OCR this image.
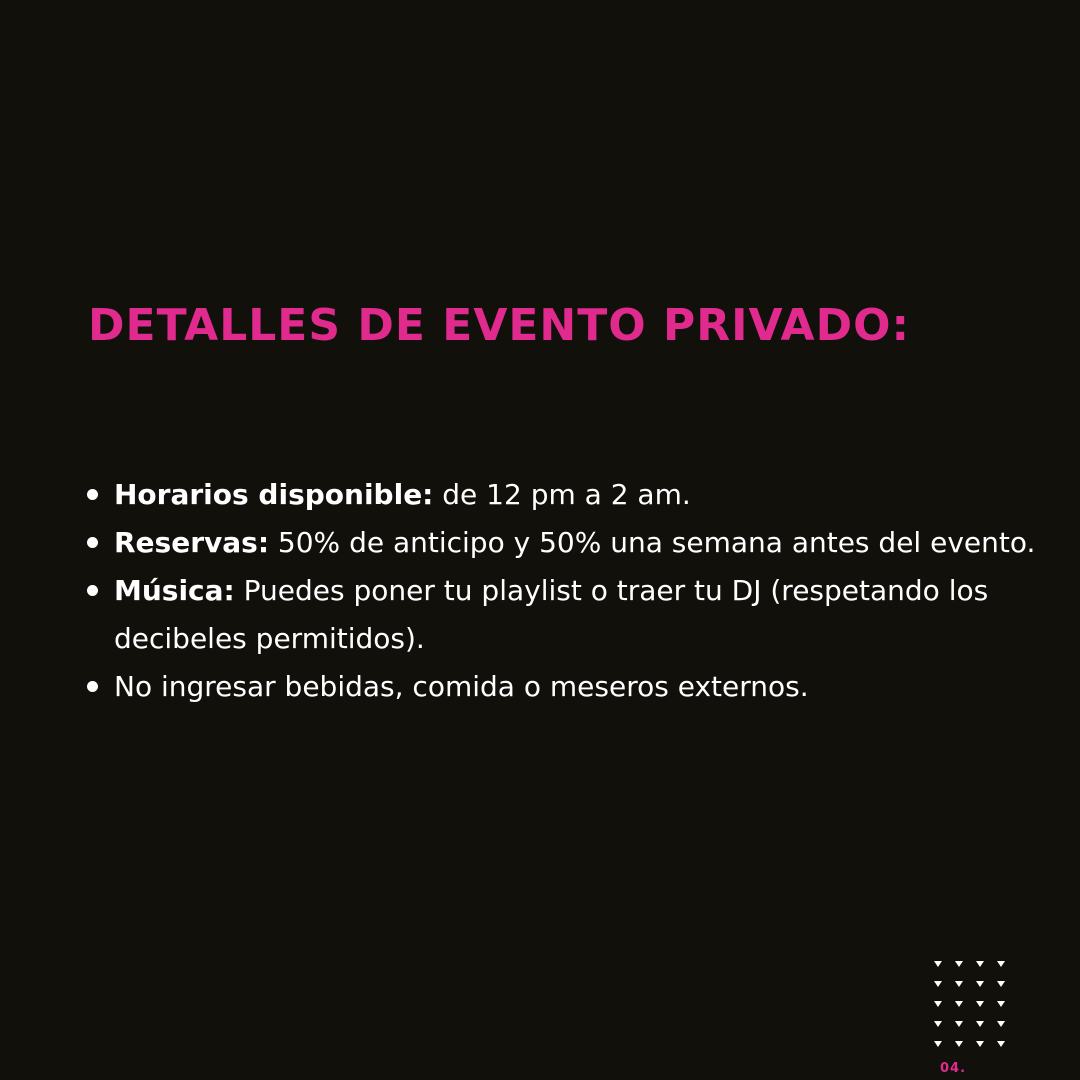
DETALLES DE EVENTO PRIVADO:
Horarios disponible: de 12 pm a 2 am.
Reservas: 50% de anticipo y 50% una semana antes del evento.
Música: Puedes poner tu playlist o traer tu DJ (respetando los decibeles permitidos).
No ingresar bebidas, comida o meseros externos.
04.
